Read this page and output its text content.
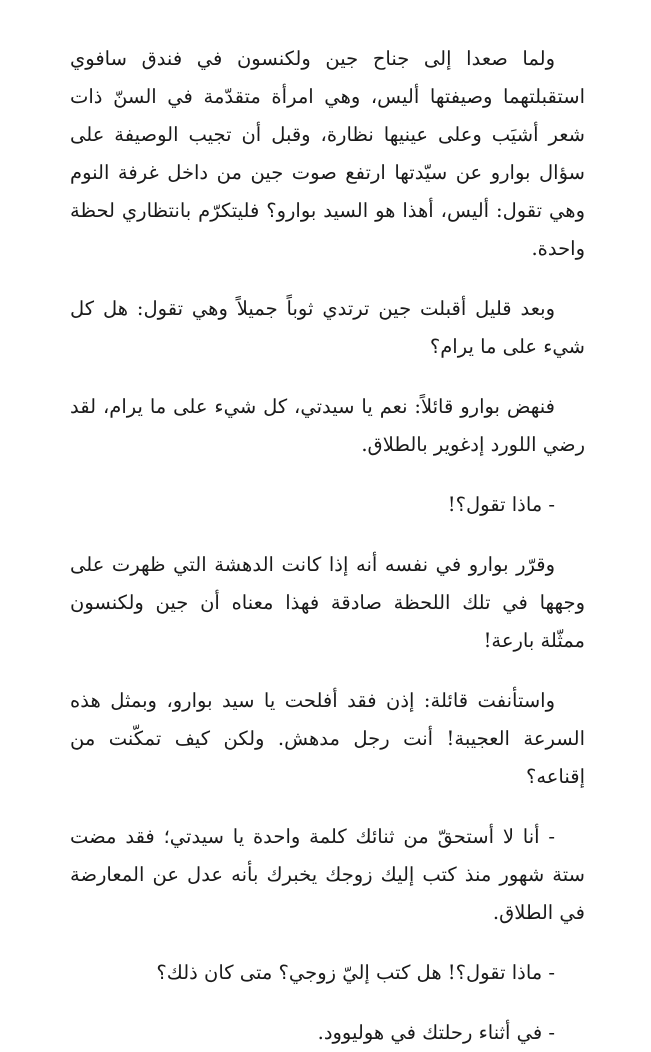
ولما صعدا إلى جناح جين ولكنسون في فندق سافوي استقبلتهما وصيفتها أليس، وهي امرأة متقدّمة في السنّ ذات شعر أشيَب وعلى عينيها نظارة، وقبل أن تجيب الوصيفة على سؤال بوارو عن سيّدتها ارتفع صوت جين من داخل غرفة النوم وهي تقول: أليس، أهذا هو السيد بوارو؟ فليتكرّم بانتظاري لحظة واحدة.

وبعد قليل أقبلت جين ترتدي ثوباً جميلاً وهي تقول: هل كل شيء على ما يرام؟

فنهض بوارو قائلاً: نعم يا سيدتي، كل شيء على ما يرام، لقد رضي اللورد إدغوير بالطلاق.

- ماذا تقول؟!

وقرّر بوارو في نفسه أنه إذا كانت الدهشة التي ظهرت على وجهها في تلك اللحظة صادقة فهذا معناه أن جين ولكنسون ممثّلة بارعة!

واستأنفت قائلة: إذن فقد أفلحت يا سيد بوارو، وبمثل هذه السرعة العجيبة! أنت رجل مدهش. ولكن كيف تمكّنت من إقناعه؟

- أنا لا أستحقّ من ثنائك كلمة واحدة يا سيدتي؛ فقد مضت ستة شهور منذ كتب إليك زوجك يخبرك بأنه عدل عن المعارضة في الطلاق.

- ماذا تقول؟! هل كتب إليّ زوجي؟ متى كان ذلك؟

- في أثناء رحلتك في هوليوود.
